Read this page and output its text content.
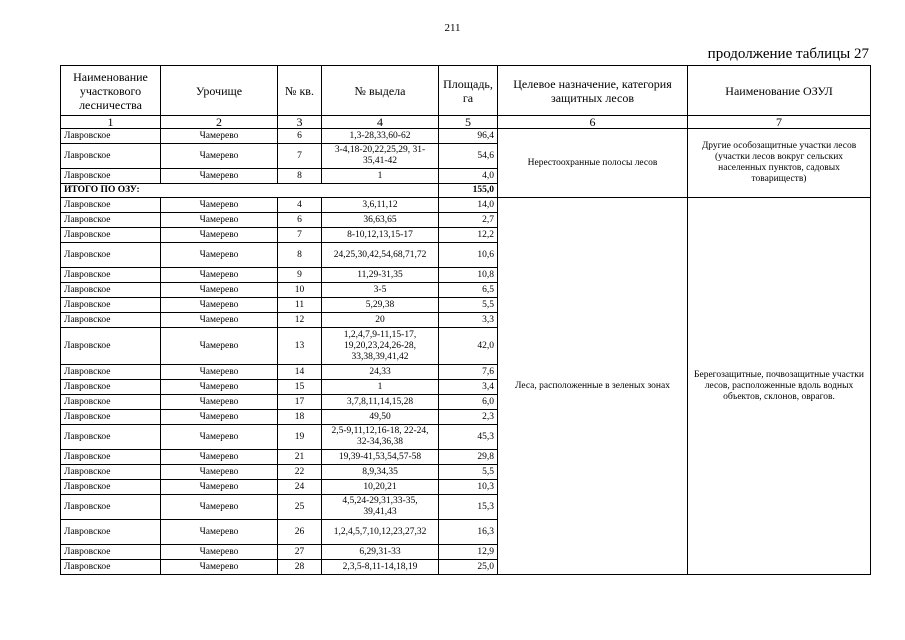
211
продолжение таблицы 27
Наименование участкового лесничества	Урочище	№ кв.	№ выдела	Площадь, га	Целевое назначение, категория защитных лесов	Наименование ОЗУЛ
1	2	3	4	5	6	7
Лавровское	Чамерево	6	1,3-28,33,60-62	96,4	Нерестоохранные полосы лесов	Другие особозащитные участки лесов (участки лесов вокруг сельских населенных пунктов, садовых товариществ)
Лавровское	Чамерево	7	3-4,18-20,22,25,29, 31-35,41-42	54,6		
Лавровское	Чамерево	8	1	4,0		
ИТОГО ПО ОЗУ:				155,0		
Лавровское	Чамерево	4	3,6,11,12	14,0	Леса, расположенные в зеленых зонах	Берегозащитные, почвозащитные участки лесов, расположенные вдоль водных объектов, склонов, оврагов.
Лавровское	Чамерево	6	36,63,65	2,7		
Лавровское	Чамерево	7	8-10,12,13,15-17	12,2		
Лавровское	Чамерево	8	24,25,30,42,54,68,71,72	10,6		
Лавровское	Чамерево	9	11,29-31,35	10,8		
Лавровское	Чамерево	10	3-5	6,5		
Лавровское	Чамерево	11	5,29,38	5,5		
Лавровское	Чамерево	12	20	3,3		
Лавровское	Чамерево	13	1,2,4,7,9-11,15-17, 19,20,23,24,26-28, 33,38,39,41,42	42,0		
Лавровское	Чамерево	14	24,33	7,6		
Лавровское	Чамерево	15	1	3,4		
Лавровское	Чамерево	17	3,7,8,11,14,15,28	6,0		
Лавровское	Чамерево	18	49,50	2,3		
Лавровское	Чамерево	19	2,5-9,11,12,16-18, 22-24, 32-34,36,38	45,3		
Лавровское	Чамерево	21	19,39-41,53,54,57-58	29,8		
Лавровское	Чамерево	22	8,9,34,35	5,5		
Лавровское	Чамерево	24	10,20,21	10,3		
Лавровское	Чамерево	25	4,5,24-29,31,33-35, 39,41,43	15,3		
Лавровское	Чамерево	26	1,2,4,5,7,10,12,23,27,32	16,3		
Лавровское	Чамерево	27	6,29,31-33	12,9		
Лавровское	Чамерево	28	2,3,5-8,11-14,18,19	25,0		
